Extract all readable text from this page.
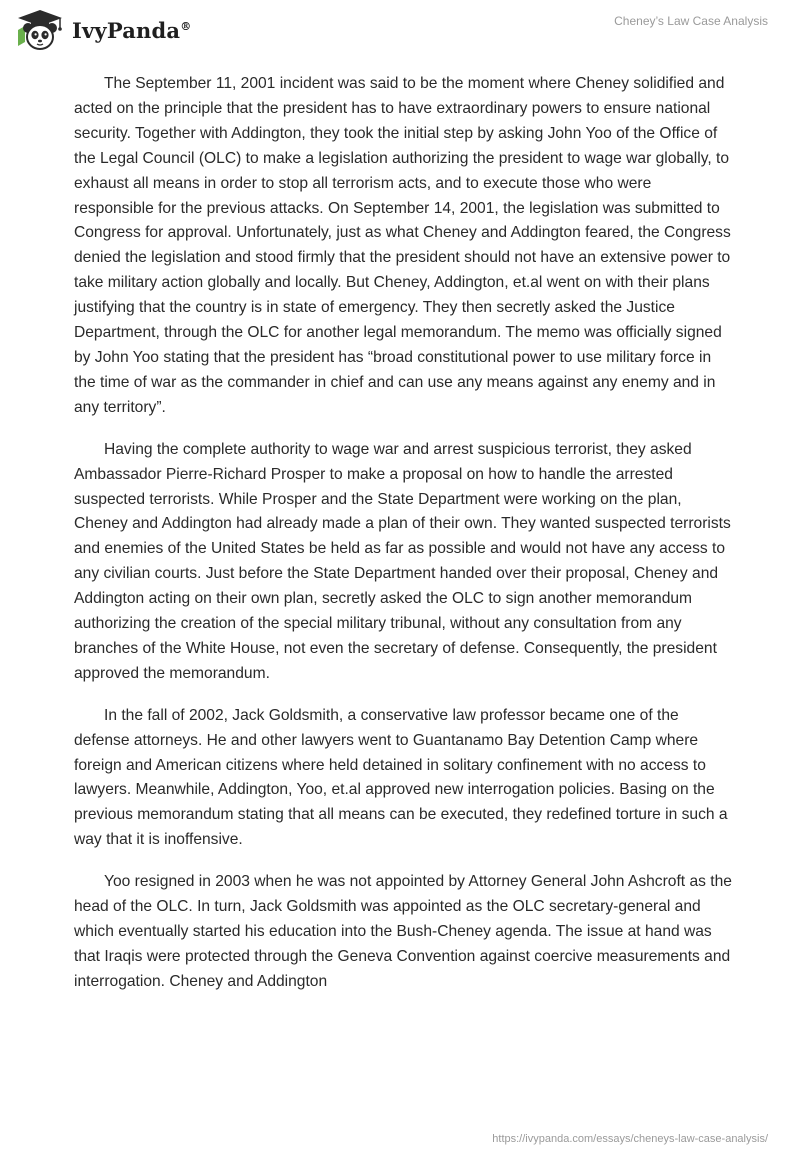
IvyPanda®	Cheney’s Law Case Analysis

The September 11, 2001 incident was said to be the moment where Cheney solidified and acted on the principle that the president has to have extraordinary powers to ensure national security. Together with Addington, they took the initial step by asking John Yoo of the Office of the Legal Council (OLC) to make a legislation authorizing the president to wage war globally, to exhaust all means in order to stop all terrorism acts, and to execute those who were responsible for the previous attacks. On September 14, 2001, the legislation was submitted to Congress for approval. Unfortunately, just as what Cheney and Addington feared, the Congress denied the legislation and stood firmly that the president should not have an extensive power to take military action globally and locally. But Cheney, Addington, et.al went on with their plans justifying that the country is in state of emergency. They then secretly asked the Justice Department, through the OLC for another legal memorandum. The memo was officially signed by John Yoo stating that the president has “broad constitutional power to use military force in the time of war as the commander in chief and can use any means against any enemy and in any territory”.

Having the complete authority to wage war and arrest suspicious terrorist, they asked Ambassador Pierre-Richard Prosper to make a proposal on how to handle the arrested suspected terrorists. While Prosper and the State Department were working on the plan, Cheney and Addington had already made a plan of their own. They wanted suspected terrorists and enemies of the United States be held as far as possible and would not have any access to any civilian courts. Just before the State Department handed over their proposal, Cheney and Addington acting on their own plan, secretly asked the OLC to sign another memorandum authorizing the creation of the special military tribunal, without any consultation from any branches of the White House, not even the secretary of defense. Consequently, the president approved the memorandum.

In the fall of 2002, Jack Goldsmith, a conservative law professor became one of the defense attorneys. He and other lawyers went to Guantanamo Bay Detention Camp where foreign and American citizens where held detained in solitary confinement with no access to lawyers. Meanwhile, Addington, Yoo, et.al approved new interrogation policies. Basing on the previous memorandum stating that all means can be executed, they redefined torture in such a way that it is inoffensive.

Yoo resigned in 2003 when he was not appointed by Attorney General John Ashcroft as the head of the OLC. In turn, Jack Goldsmith was appointed as the OLC secretary-general and which eventually started his education into the Bush-Cheney agenda. The issue at hand was that Iraqis were protected through the Geneva Convention against coercive measurements and interrogation. Cheney and Addington

https://ivypanda.com/essays/cheneys-law-case-analysis/
